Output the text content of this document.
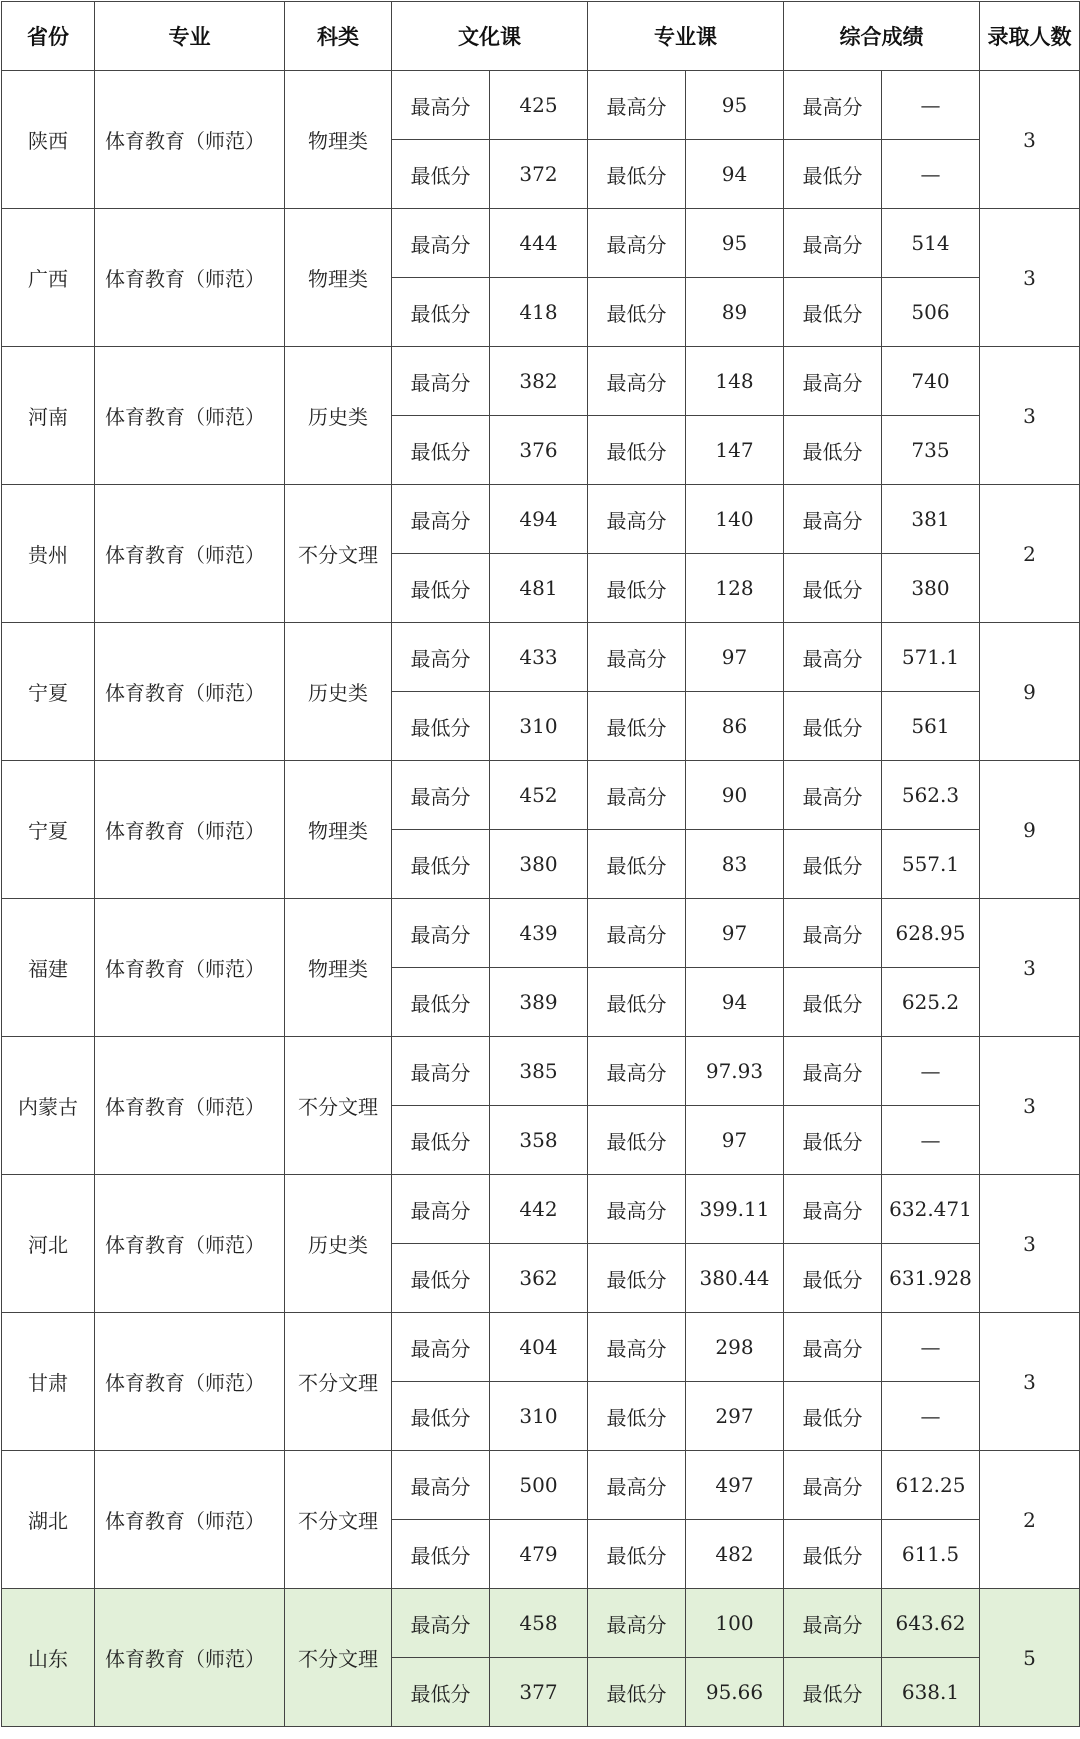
省份	专业	科类	文化课		专业课		综合成绩		录取人数
陕西	体育教育（师范）	物理类	最高分	425	最高分	95	最高分	—	3
			最低分	372	最低分	94	最低分	—	
广西	体育教育（师范）	物理类	最高分	444	最高分	95	最高分	514	3
			最低分	418	最低分	89	最低分	506	
河南	体育教育（师范）	历史类	最高分	382	最高分	148	最高分	740	3
			最低分	376	最低分	147	最低分	735	
贵州	体育教育（师范）	不分文理	最高分	494	最高分	140	最高分	381	2
			最低分	481	最低分	128	最低分	380	
宁夏	体育教育（师范）	历史类	最高分	433	最高分	97	最高分	571.1	9
			最低分	310	最低分	86	最低分	561	
宁夏	体育教育（师范）	物理类	最高分	452	最高分	90	最高分	562.3	9
			最低分	380	最低分	83	最低分	557.1	
福建	体育教育（师范）	物理类	最高分	439	最高分	97	最高分	628.95	3
			最低分	389	最低分	94	最低分	625.2	
内蒙古	体育教育（师范）	不分文理	最高分	385	最高分	97.93	最高分	—	3
			最低分	358	最低分	97	最低分	—	
河北	体育教育（师范）	历史类	最高分	442	最高分	399.11	最高分	632.471	3
			最低分	362	最低分	380.44	最低分	631.928	
甘肃	体育教育（师范）	不分文理	最高分	404	最高分	298	最高分	—	3
			最低分	310	最低分	297	最低分	—	
湖北	体育教育（师范）	不分文理	最高分	500	最高分	497	最高分	612.25	2
			最低分	479	最低分	482	最低分	611.5	
山东	体育教育（师范）	不分文理	最高分	458	最高分	100	最高分	643.62	5
			最低分	377	最低分	95.66	最低分	638.1	
